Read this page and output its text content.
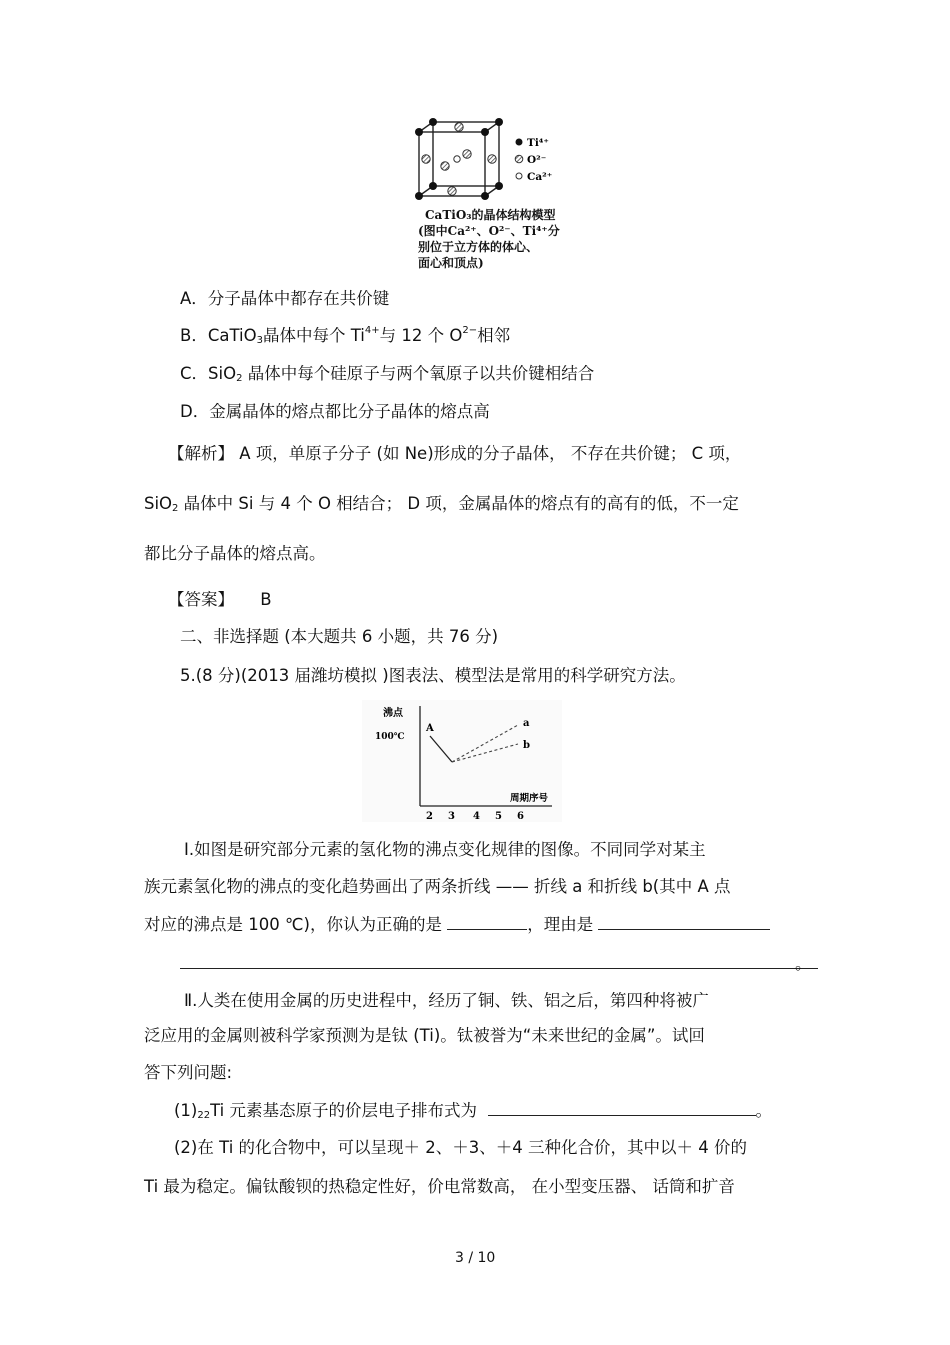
Ti⁴⁺
O²⁻
Ca²⁺
CaTiO₃的晶体结构模型
(图中Ca²⁺、O²⁻、Ti⁴⁺分
别位于立方体的体心、
面心和顶点)
A．分子晶体中都存在共价键
B．CaTiO$_3$晶体中每个 $Ti^{4+}$与 12 个 $O^{2-}$相邻
C．SiO$_2$ 晶体中每个硅原子与两个氧原子以共价键相结合
D．金属晶体的熔点都比分子晶体的熔点高
【解析】 A 项，单原子分子 (如 Ne)形成的分子晶体， 不存在共价键； C 项，
SiO$_2$ 晶体中 Si 与 4 个 O 相结合； D 项，金属晶体的熔点有的高有的低，不一定
都比分子晶体的熔点高。
【答案】 B
二、非选择题 (本大题共 6 小题，共 76 分)
5.(8 分)(2013 届潍坊模拟 )图表法、模型法是常用的科学研究方法。
沸点
100℃
A	a
b
周期序号
2 3 4 5 6
Ⅰ.如图是研究部分元素的氢化物的沸点变化规律的图像。不同同学对某主
族元素氢化物的沸点的变化趋势画出了两条折线 —— 折线 a 和折线 b(其中 A 点
对应的沸点是 100 ℃)，你认为正确的是	，理由是
。
Ⅱ.人类在使用金属的历史进程中，经历了铜、铁、铝之后，第四种将被广
泛应用的金属则被科学家预测为是钛 (Ti)。钛被誉为“未来世纪的金属”。试回
答下列问题:
$(1)_{22}Ti$ 元素基态原子的价层电子排布式为	。
(2)在 Ti 的化合物中，可以呈现＋ 2、＋3、＋4 三种化合价，其中以＋ 4 价的
Ti 最为稳定。偏钛酸钡的热稳定性好，价电常数高， 在小型变压器、 话筒和扩音
3 / 10
